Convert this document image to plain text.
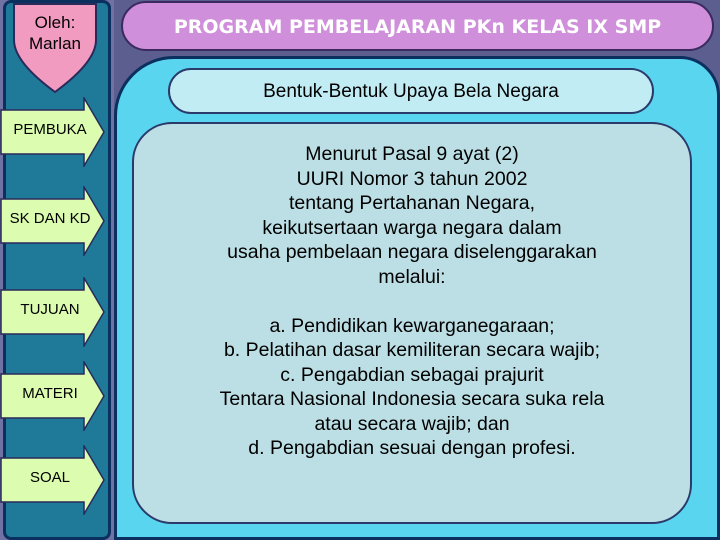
Oleh:
Marlan
PEMBUKA
SK DAN KD
TUJUAN
MATERI
SOAL
PROGRAM PEMBELAJARAN PKn KELAS IX SMP
Bentuk-Bentuk Upaya Bela Negara
Menurut Pasal 9 ayat (2)
UURI Nomor 3 tahun 2002
tentang Pertahanan Negara,
keikutsertaan warga negara dalam
usaha pembelaan negara diselenggarakan
melalui:
a. Pendidikan kewarganegaraan;
b. Pelatihan dasar kemiliteran secara wajib;
c. Pengabdian sebagai prajurit
Tentara Nasional Indonesia secara suka rela
atau secara wajib; dan
d. Pengabdian sesuai dengan profesi.
